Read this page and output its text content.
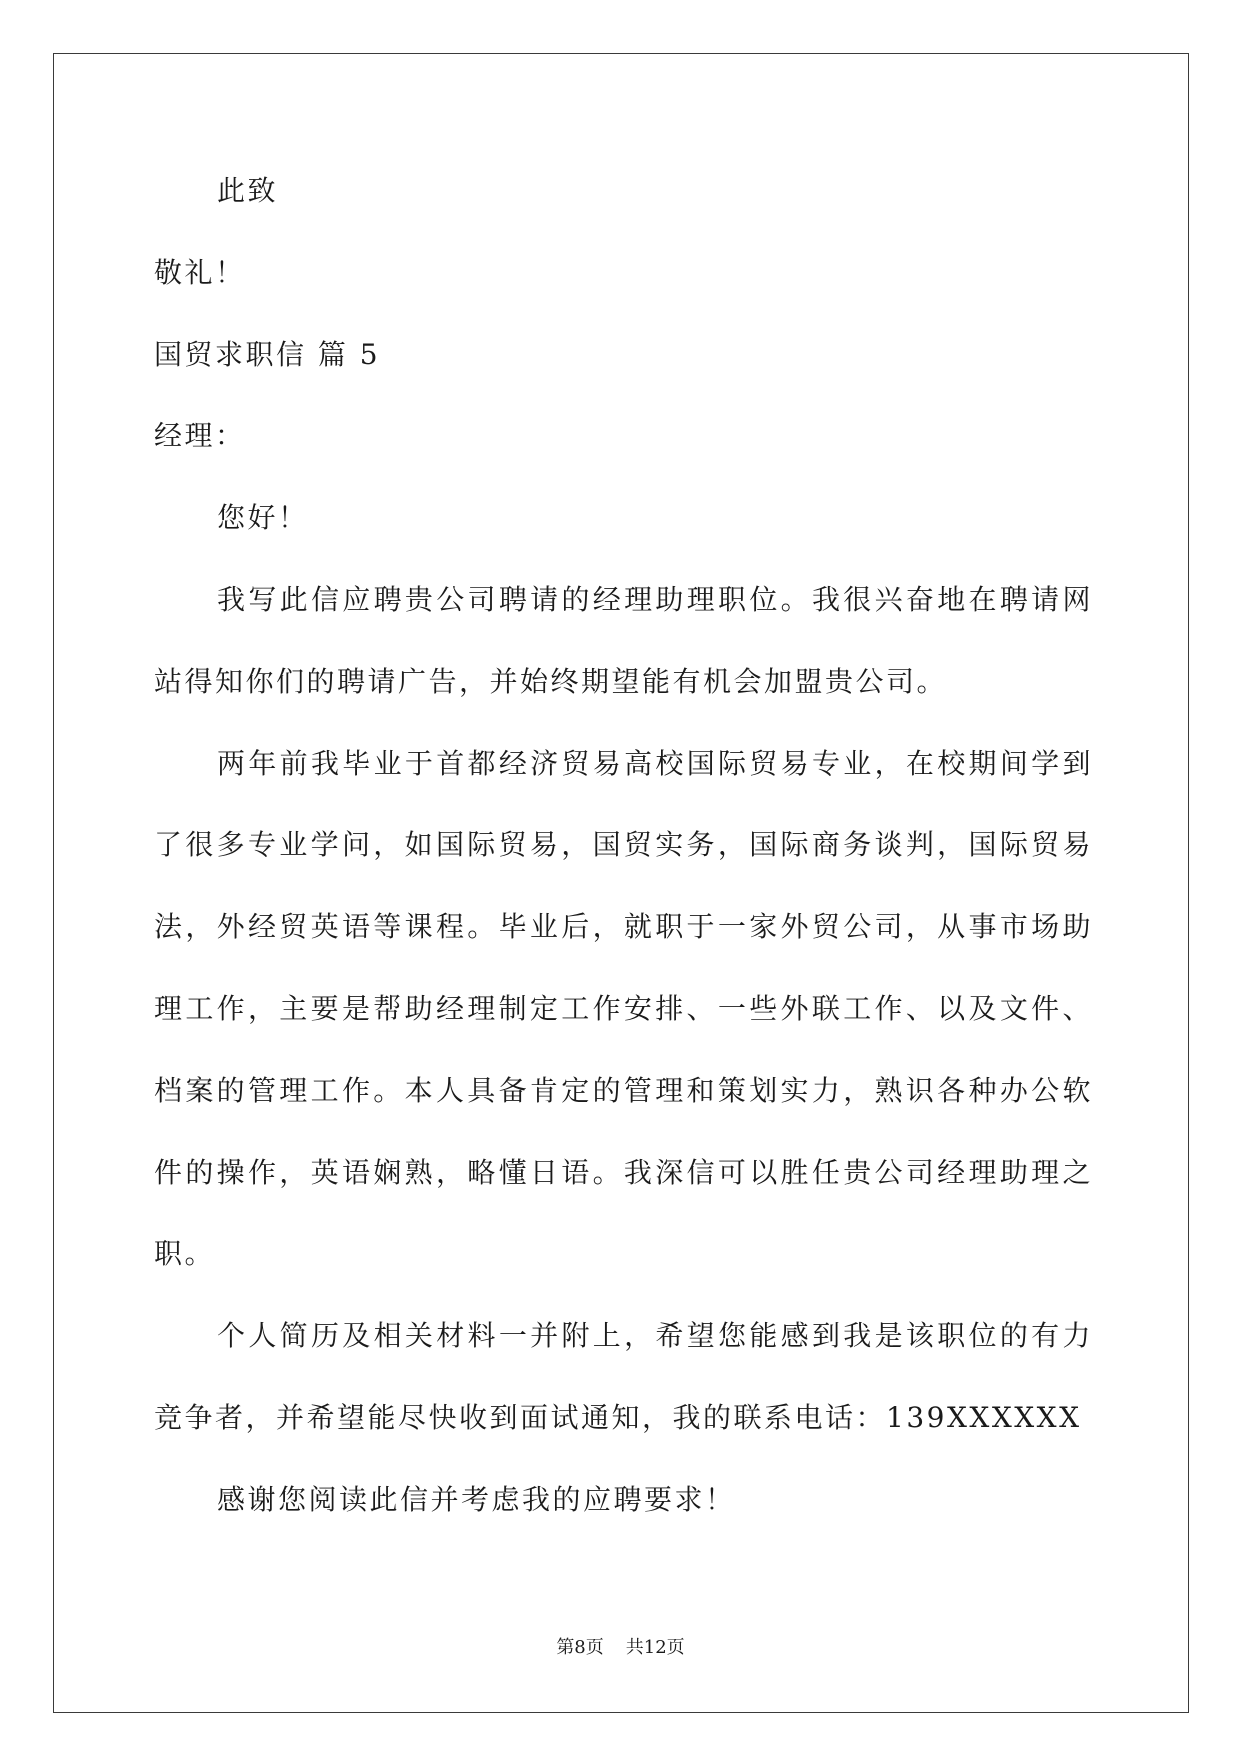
此致
敬礼！
国贸求职信 篇 5
经理：
您好！
我写此信应聘贵公司聘请的经理助理职位。我很兴奋地在聘请网
站得知你们的聘请广告，并始终期望能有机会加盟贵公司。
两年前我毕业于首都经济贸易高校国际贸易专业，在校期间学到
了很多专业学问，如国际贸易，国贸实务，国际商务谈判，国际贸易
法，外经贸英语等课程。毕业后，就职于一家外贸公司，从事市场助
理工作，主要是帮助经理制定工作安排、一些外联工作、以及文件、
档案的管理工作。本人具备肯定的管理和策划实力，熟识各种办公软
件的操作，英语娴熟，略懂日语。我深信可以胜任贵公司经理助理之
职。
个人简历及相关材料一并附上，希望您能感到我是该职位的有力
竞争者，并希望能尽快收到面试通知，我的联系电话：139XXXXXX
感谢您阅读此信并考虑我的应聘要求！
第8页 共12页
